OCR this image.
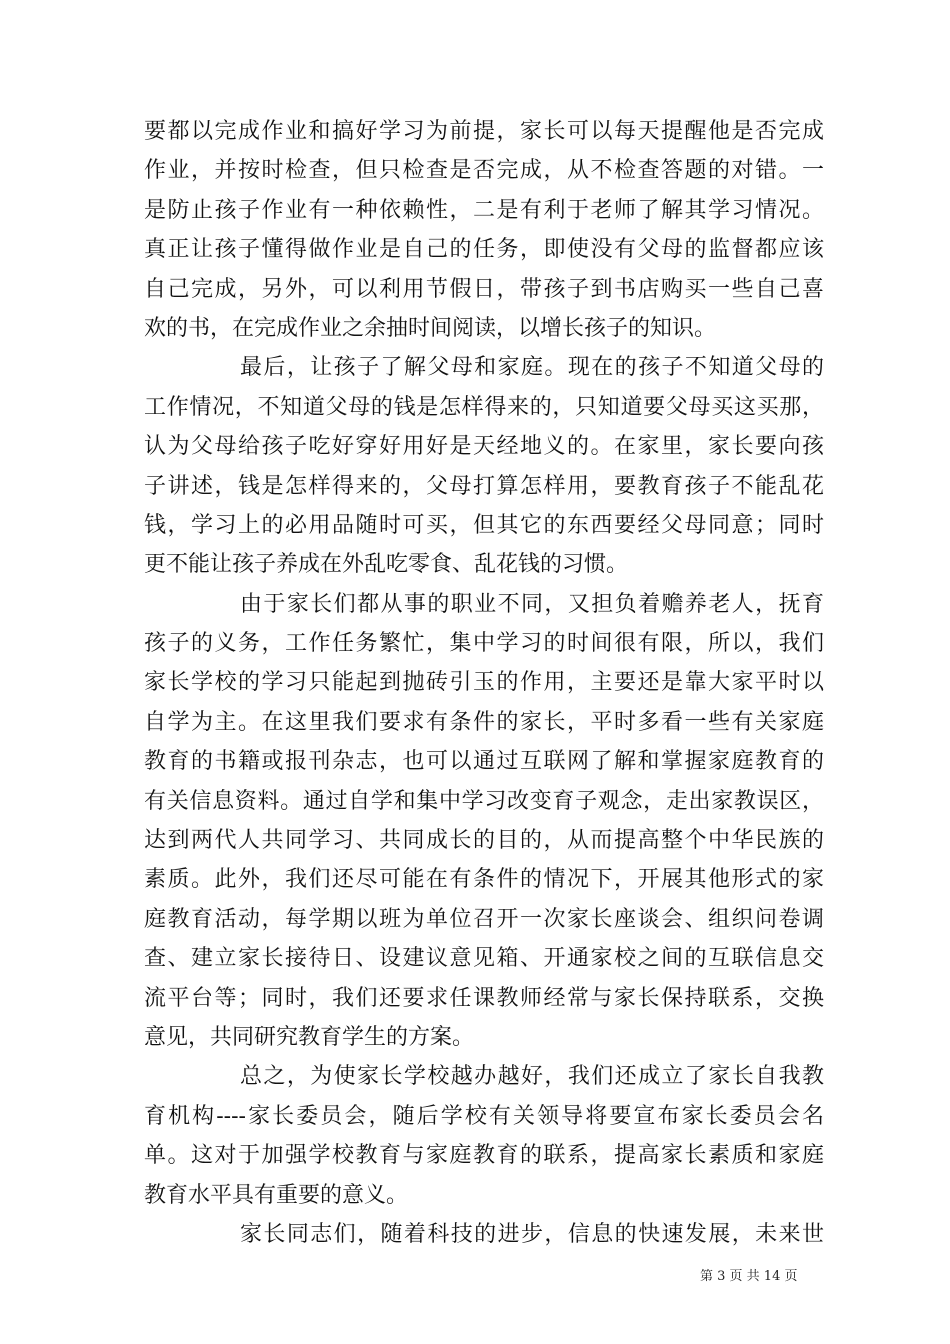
要都以完成作业和搞好学习为前提，家长可以每天提醒他是否完成
作业，并按时检查，但只检查是否完成，从不检查答题的对错。一
是防止孩子作业有一种依赖性，二是有利于老师了解其学习情况。
真正让孩子懂得做作业是自己的任务，即使没有父母的监督都应该
自己完成，另外，可以利用节假日，带孩子到书店购买一些自己喜
欢的书，在完成作业之余抽时间阅读，以增长孩子的知识。
最后，让孩子了解父母和家庭。现在的孩子不知道父母的
工作情况，不知道父母的钱是怎样得来的，只知道要父母买这买那，
认为父母给孩子吃好穿好用好是天经地义的。在家里，家长要向孩
子讲述，钱是怎样得来的，父母打算怎样用，要教育孩子不能乱花
钱，学习上的必用品随时可买，但其它的东西要经父母同意；同时
更不能让孩子养成在外乱吃零食、乱花钱的习惯。
由于家长们都从事的职业不同，又担负着赡养老人，抚育
孩子的义务，工作任务繁忙，集中学习的时间很有限，所以，我们
家长学校的学习只能起到抛砖引玉的作用，主要还是靠大家平时以
自学为主。在这里我们要求有条件的家长，平时多看一些有关家庭
教育的书籍或报刊杂志，也可以通过互联网了解和掌握家庭教育的
有关信息资料。通过自学和集中学习改变育子观念，走出家教误区，
达到两代人共同学习、共同成长的目的，从而提高整个中华民族的
素质。此外，我们还尽可能在有条件的情况下，开展其他形式的家
庭教育活动，每学期以班为单位召开一次家长座谈会、组织问卷调
查、建立家长接待日、设建议意见箱、开通家校之间的互联信息交
流平台等；同时，我们还要求任课教师经常与家长保持联系，交换
意见，共同研究教育学生的方案。
总之，为使家长学校越办越好，我们还成立了家长自我教
育机构----家长委员会，随后学校有关领导将要宣布家长委员会名
单。这对于加强学校教育与家庭教育的联系，提高家长素质和家庭
教育水平具有重要的意义。
家长同志们，随着科技的进步，信息的快速发展，未来世
第 3 页 共 14 页
